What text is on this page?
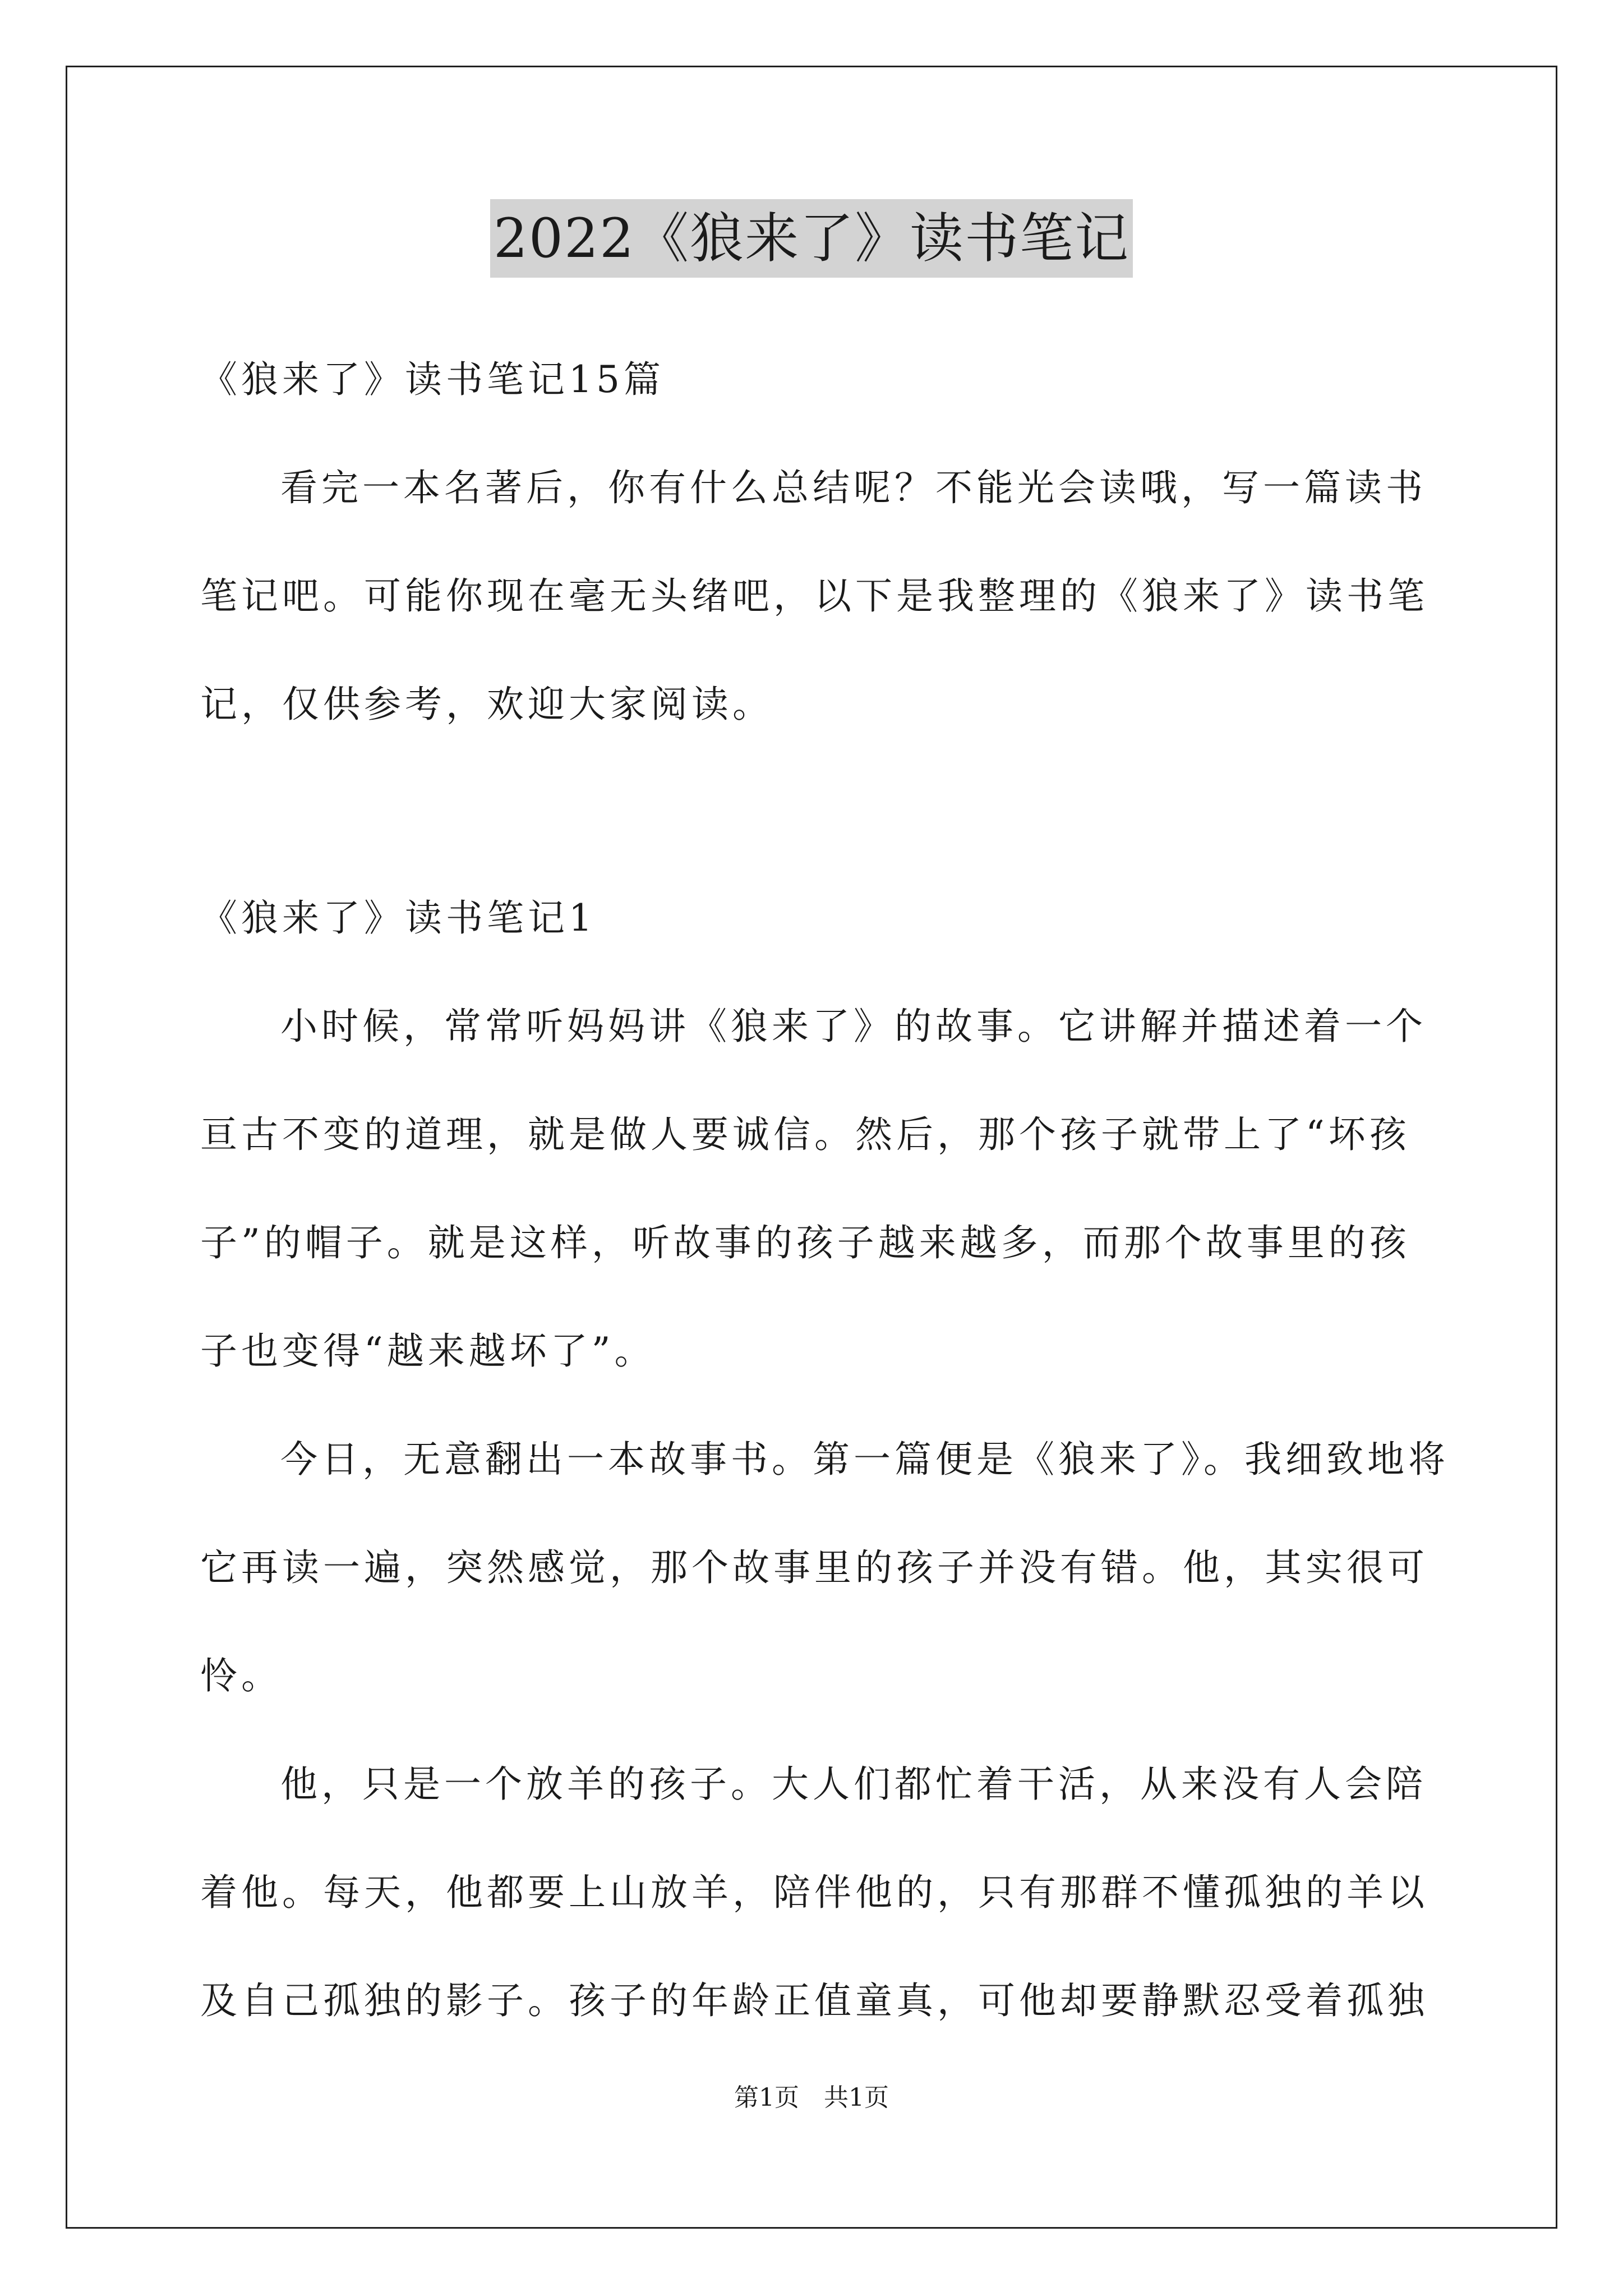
2022《狼来了》读书笔记
《狼来了》读书笔记15篇
看完一本名著后，你有什么总结呢？不能光会读哦，写一篇读书
笔记吧。可能你现在毫无头绪吧，以下是我整理的《狼来了》读书笔
记，仅供参考，欢迎大家阅读。
《狼来了》读书笔记1
小时候，常常听妈妈讲《狼来了》的故事。它讲解并描述着一个
亘古不变的道理，就是做人要诚信。然后，那个孩子就带上了“坏孩
子”的帽子。就是这样，听故事的孩子越来越多，而那个故事里的孩
子也变得“越来越坏了”。
今日，无意翻出一本故事书。第一篇便是《狼来了》。我细致地将
它再读一遍，突然感觉，那个故事里的孩子并没有错。他，其实很可
怜。
他，只是一个放羊的孩子。大人们都忙着干活，从来没有人会陪
着他。每天，他都要上山放羊，陪伴他的，只有那群不懂孤独的羊以
及自己孤独的影子。孩子的年龄正值童真，可他却要静默忍受着孤独
第1页　共1页
